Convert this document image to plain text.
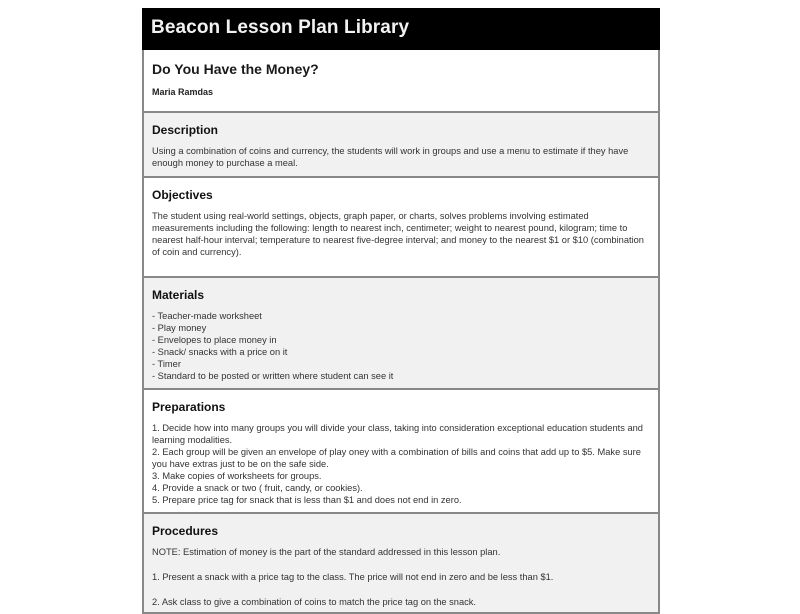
Beacon Lesson Plan Library
Do You Have the Money?
Maria Ramdas
Description
Using a combination of coins and currency, the students will work in groups and use a menu to estimate if they have enough money to purchase a meal.
Objectives
The student using real-world settings, objects, graph paper, or charts, solves problems involving estimated measurements including the following: length to nearest inch, centimeter; weight to nearest pound, kilogram; time to nearest half-hour interval; temperature to nearest five-degree interval; and money to the nearest $1 or $10 (combination of coin and currency).
Materials
- Teacher-made worksheet
- Play money
- Envelopes to place money in
- Snack/ snacks with a price on it
- Timer
- Standard to be posted or written where student can see it
Preparations
1. Decide how into many groups you will divide your class, taking into consideration exceptional education students and learning modalities.
2. Each group will be given an envelope of play oney with a combination of bills and coins that add up to $5. Make sure you have extras just to be on the safe side.
3. Make copies of worksheets for groups.
4. Provide a snack or two ( fruit, candy, or cookies).
5. Prepare price tag for snack that is less than $1 and does not end in zero.
Procedures
NOTE: Estimation of money is the part of the standard addressed in this lesson plan.
1. Present a snack with a price tag to the class. The price will not end in zero and be less than $1.
2. Ask class to give a combination of coins to match the price tag on the snack.
